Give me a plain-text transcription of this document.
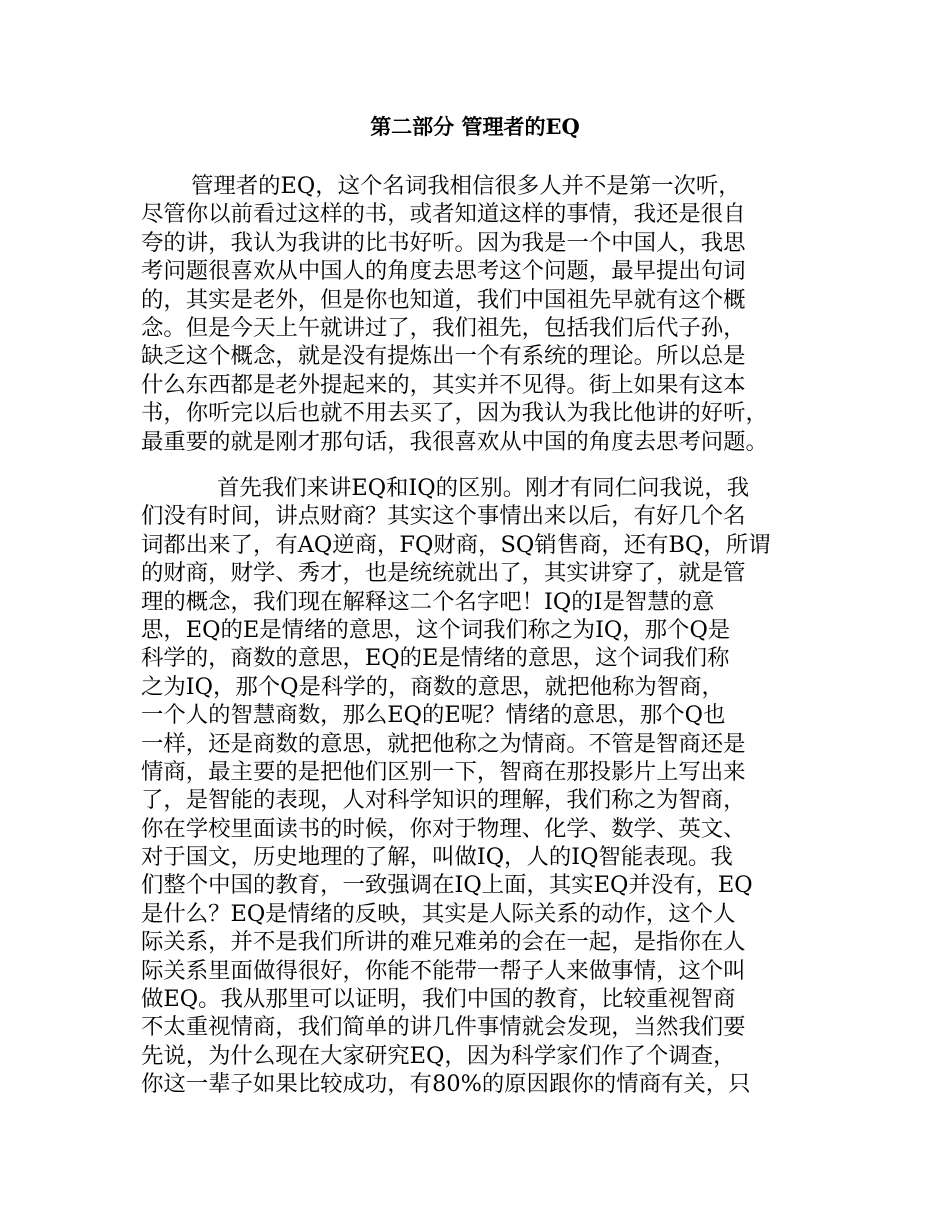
第二部分 管理者的EQ
管理者的EQ，这个名词我相信很多人并不是第一次听，
尽管你以前看过这样的书，或者知道这样的事情，我还是很自
夸的讲，我认为我讲的比书好听。因为我是一个中国人，我思
考问题很喜欢从中国人的角度去思考这个问题，最早提出句词
的，其实是老外，但是你也知道，我们中国祖先早就有这个概
念。但是今天上午就讲过了，我们祖先，包括我们后代子孙，
缺乏这个概念，就是没有提炼出一个有系统的理论。所以总是
什么东西都是老外提起来的，其实并不见得。街上如果有这本
书，你听完以后也就不用去买了，因为我认为我比他讲的好听，
最重要的就是刚才那句话，我很喜欢从中国的角度去思考问题。
首先我们来讲EQ和IQ的区别。刚才有同仁问我说，我
们没有时间，讲点财商？其实这个事情出来以后，有好几个名
词都出来了，有AQ逆商，FQ财商，SQ销售商，还有BQ，所谓
的财商，财学、秀才，也是统统就出了，其实讲穿了，就是管
理的概念，我们现在解释这二个名字吧！IQ的I是智慧的意
思，EQ的E是情绪的意思，这个词我们称之为IQ，那个Q是
科学的，商数的意思，EQ的E是情绪的意思，这个词我们称
之为IQ，那个Q是科学的，商数的意思，就把他称为智商，
一个人的智慧商数，那么EQ的E呢？情绪的意思，那个Q也
一样，还是商数的意思，就把他称之为情商。不管是智商还是
情商，最主要的是把他们区别一下，智商在那投影片上写出来
了，是智能的表现，人对科学知识的理解，我们称之为智商，
你在学校里面读书的时候，你对于物理、化学、数学、英文、
对于国文，历史地理的了解，叫做IQ，人的IQ智能表现。我
们整个中国的教育，一致强调在IQ上面，其实EQ并没有，EQ
是什么？EQ是情绪的反映，其实是人际关系的动作，这个人
际关系，并不是我们所讲的难兄难弟的会在一起，是指你在人
际关系里面做得很好，你能不能带一帮子人来做事情，这个叫
做EQ。我从那里可以证明，我们中国的教育，比较重视智商
不太重视情商，我们简单的讲几件事情就会发现，当然我们要
先说，为什么现在大家研究EQ，因为科学家们作了个调查，
你这一辈子如果比较成功，有80%的原因跟你的情商有关，只
